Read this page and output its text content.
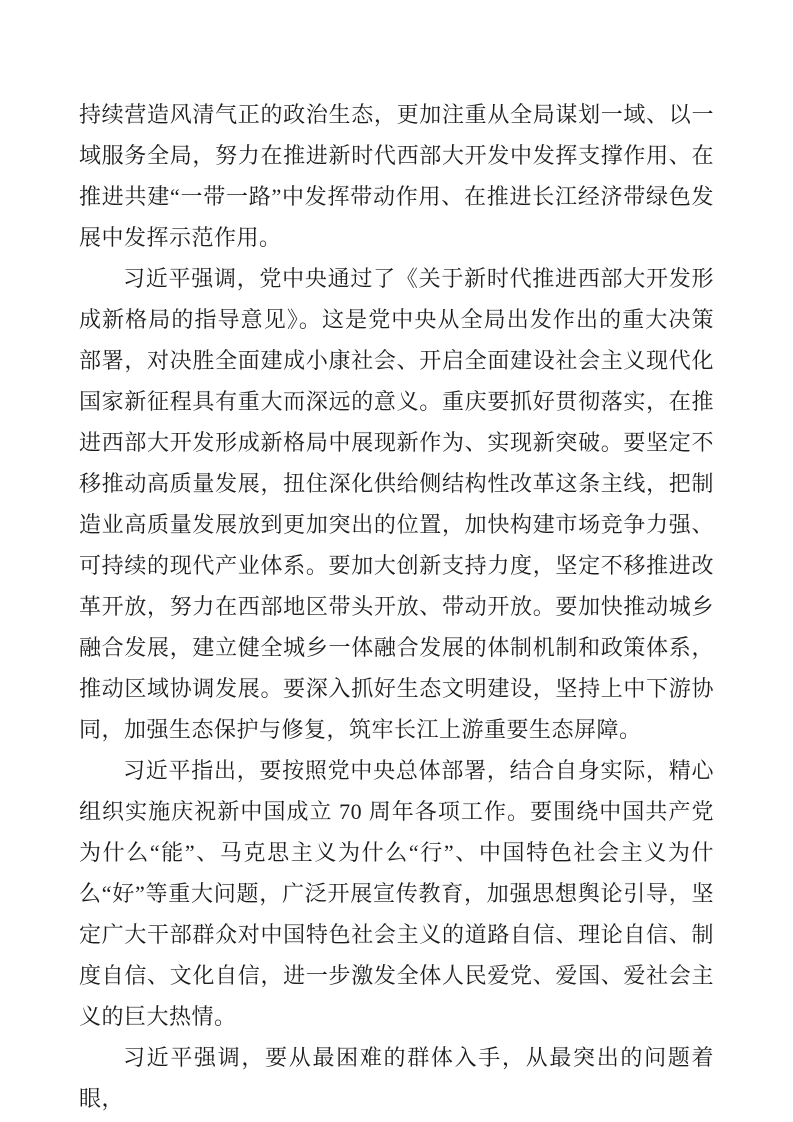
持续营造风清气正的政治生态，更加注重从全局谋划一域、以一域服务全局，努力在推进新时代西部大开发中发挥支撑作用、在推进共建“一带一路”中发挥带动作用、在推进长江经济带绿色发展中发挥示范作用。

习近平强调，党中央通过了《关于新时代推进西部大开发形成新格局的指导意见》。这是党中央从全局出发作出的重大决策部署，对决胜全面建成小康社会、开启全面建设社会主义现代化国家新征程具有重大而深远的意义。重庆要抓好贯彻落实，在推进西部大开发形成新格局中展现新作为、实现新突破。要坚定不移推动高质量发展，扭住深化供给侧结构性改革这条主线，把制造业高质量发展放到更加突出的位置，加快构建市场竞争力强、可持续的现代产业体系。要加大创新支持力度，坚定不移推进改革开放，努力在西部地区带头开放、带动开放。要加快推动城乡融合发展，建立健全城乡一体融合发展的体制机制和政策体系，推动区域协调发展。要深入抓好生态文明建设，坚持上中下游协同，加强生态保护与修复，筑牢长江上游重要生态屏障。

习近平指出，要按照党中央总体部署，结合自身实际，精心组织实施庆祝新中国成立 70 周年各项工作。要围绕中国共产党为什么“能”、马克思主义为什么“行”、中国特色社会主义为什么“好”等重大问题，广泛开展宣传教育，加强思想舆论引导，坚定广大干部群众对中国特色社会主义的道路自信、理论自信、制度自信、文化自信，进一步激发全体人民爱党、爱国、爱社会主义的巨大热情。

习近平强调，要从最困难的群体入手，从最突出的问题着眼，
